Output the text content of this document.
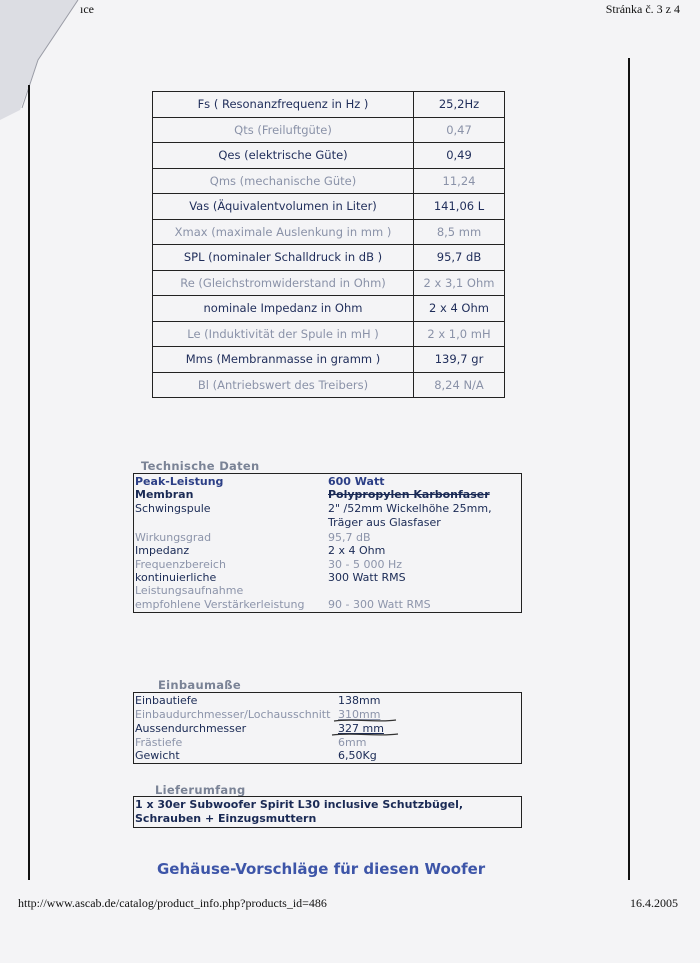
ıce	Stránka č. 3 z 4
Fs ( Resonanzfrequenz in Hz )	25,2Hz
Qts (Freiluftgüte)	0,47
Qes (elektrische Güte)	0,49
Qms (mechanische Güte)	11,24
Vas (Äquivalentvolumen in Liter)	141,06 L
Xmax (maximale Auslenkung in mm )	8,5 mm
SPL (nominaler Schalldruck in dB )	95,7 dB
Re (Gleichstromwiderstand in Ohm)	2 x 3,1 Ohm
nominale Impedanz in Ohm	2 x 4 Ohm
Le (Induktivität der Spule in mH )	2 x 1,0 mH
Mms (Membranmasse in gramm )	139,7 gr
Bl (Antriebswert des Treibers)	8,24 N/A
Technische Daten
Peak-Leistung	600 Watt
Membran	Polypropylen Karbonfaser
Schwingspule	2" /52mm Wickelhöhe 25mm,
Träger aus Glasfaser
Wirkungsgrad	95,7 dB
Impedanz	2 x 4 Ohm
Frequenzbereich	30 - 5 000 Hz
kontinuierliche	300 Watt RMS
Leistungsaufnahme
empfohlene Verstärkerleistung 90 - 300 Watt RMS
Einbaumaße
Einbautiefe	138mm
Einbaudurchmesser/Lochausschnitt 310mm
Aussendurchmesser	327 mm
Frästiefe	6mm
Gewicht	6,50Kg
Lieferumfang
1 x 30er Subwoofer Spirit L30 inclusive Schutzbügel,
Schrauben + Einzugsmuttern
Gehäuse-Vorschläge für diesen Woofer
http://www.ascab.de/catalog/product_info.php?products_id=486	16.4.2005
